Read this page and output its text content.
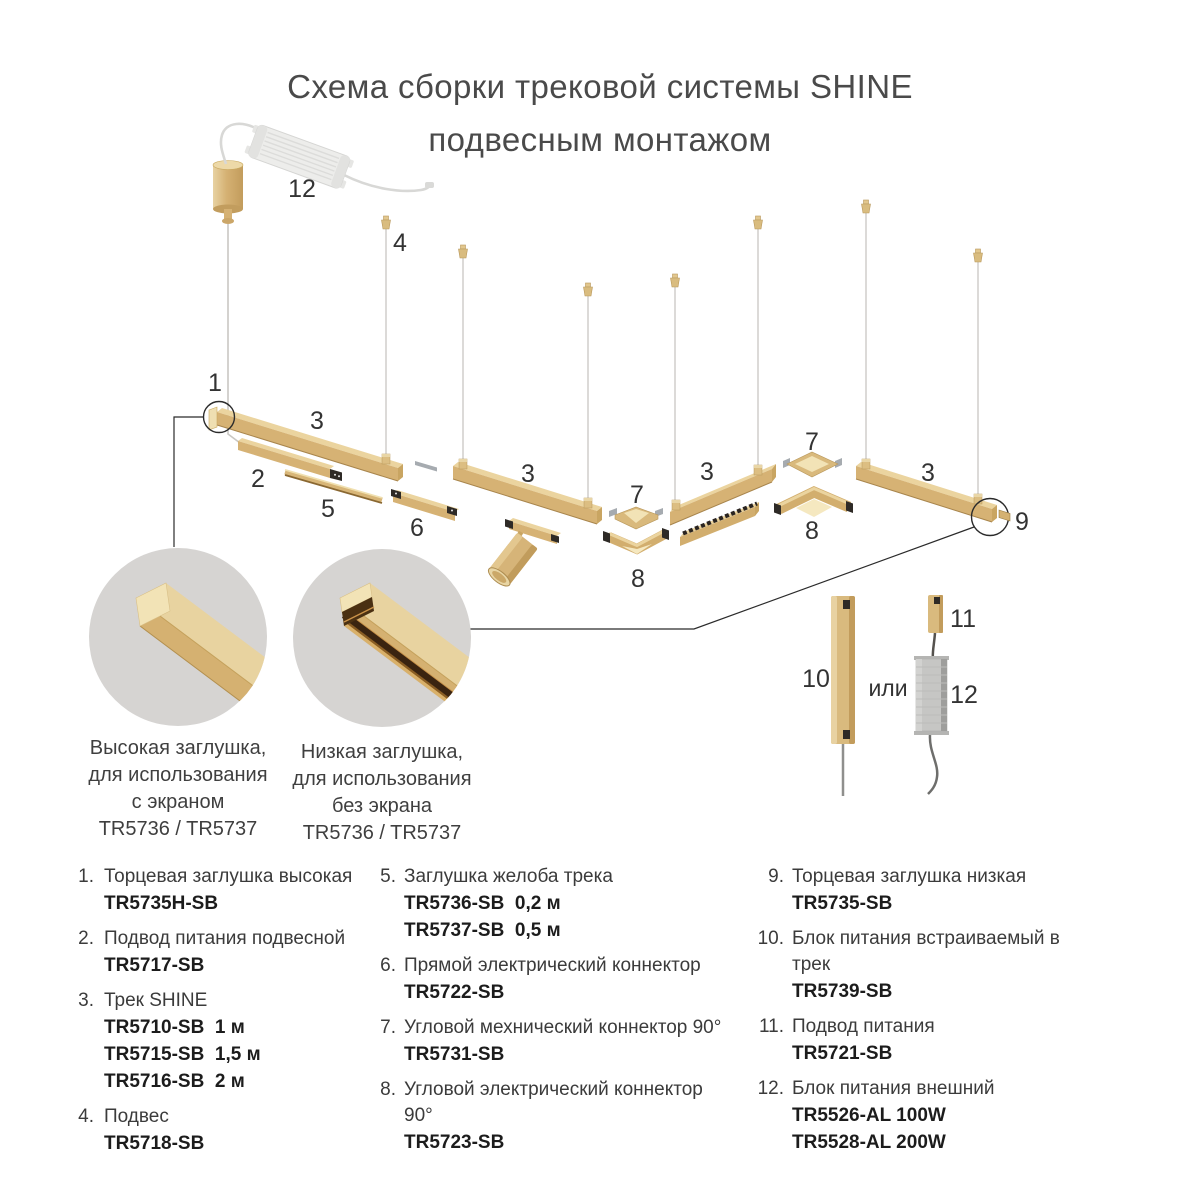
12
4
1
3
2
5
6
3
7
8
3
7
8
3
9
10 или
11
12
Схема сборки трековой системы SHINE
подвесным монтажом
Высокая заглушка,
для использования
с экраном
TR5736 / TR5737
Низкая заглушка,
для использования
без экрана
TR5736 / TR5737
1. Торцевая заглушка высокая
TR5735H-SB
2. Подвод питания подвесной
TR5717-SB
3. Трек SHINE
TR5710-SB  1 м
TR5715-SB  1,5 м
TR5716-SB  2 м
4. Подвес
TR5718-SB
5. Заглушка желоба трека
TR5736-SB  0,2 м
TR5737-SB  0,5 м
6. Прямой электрический коннектор
TR5722-SB
7. Угловой мехнический коннектор 90°
TR5731-SB
8. Угловой электрический коннектор 90°
TR5723-SB
9. Торцевая заглушка низкая
TR5735-SB
10. Блок питания встраиваемый в трек
TR5739-SB
11. Подвод питания
TR5721-SB
12. Блок питания внешний
TR5526-AL 100W
TR5528-AL 200W
